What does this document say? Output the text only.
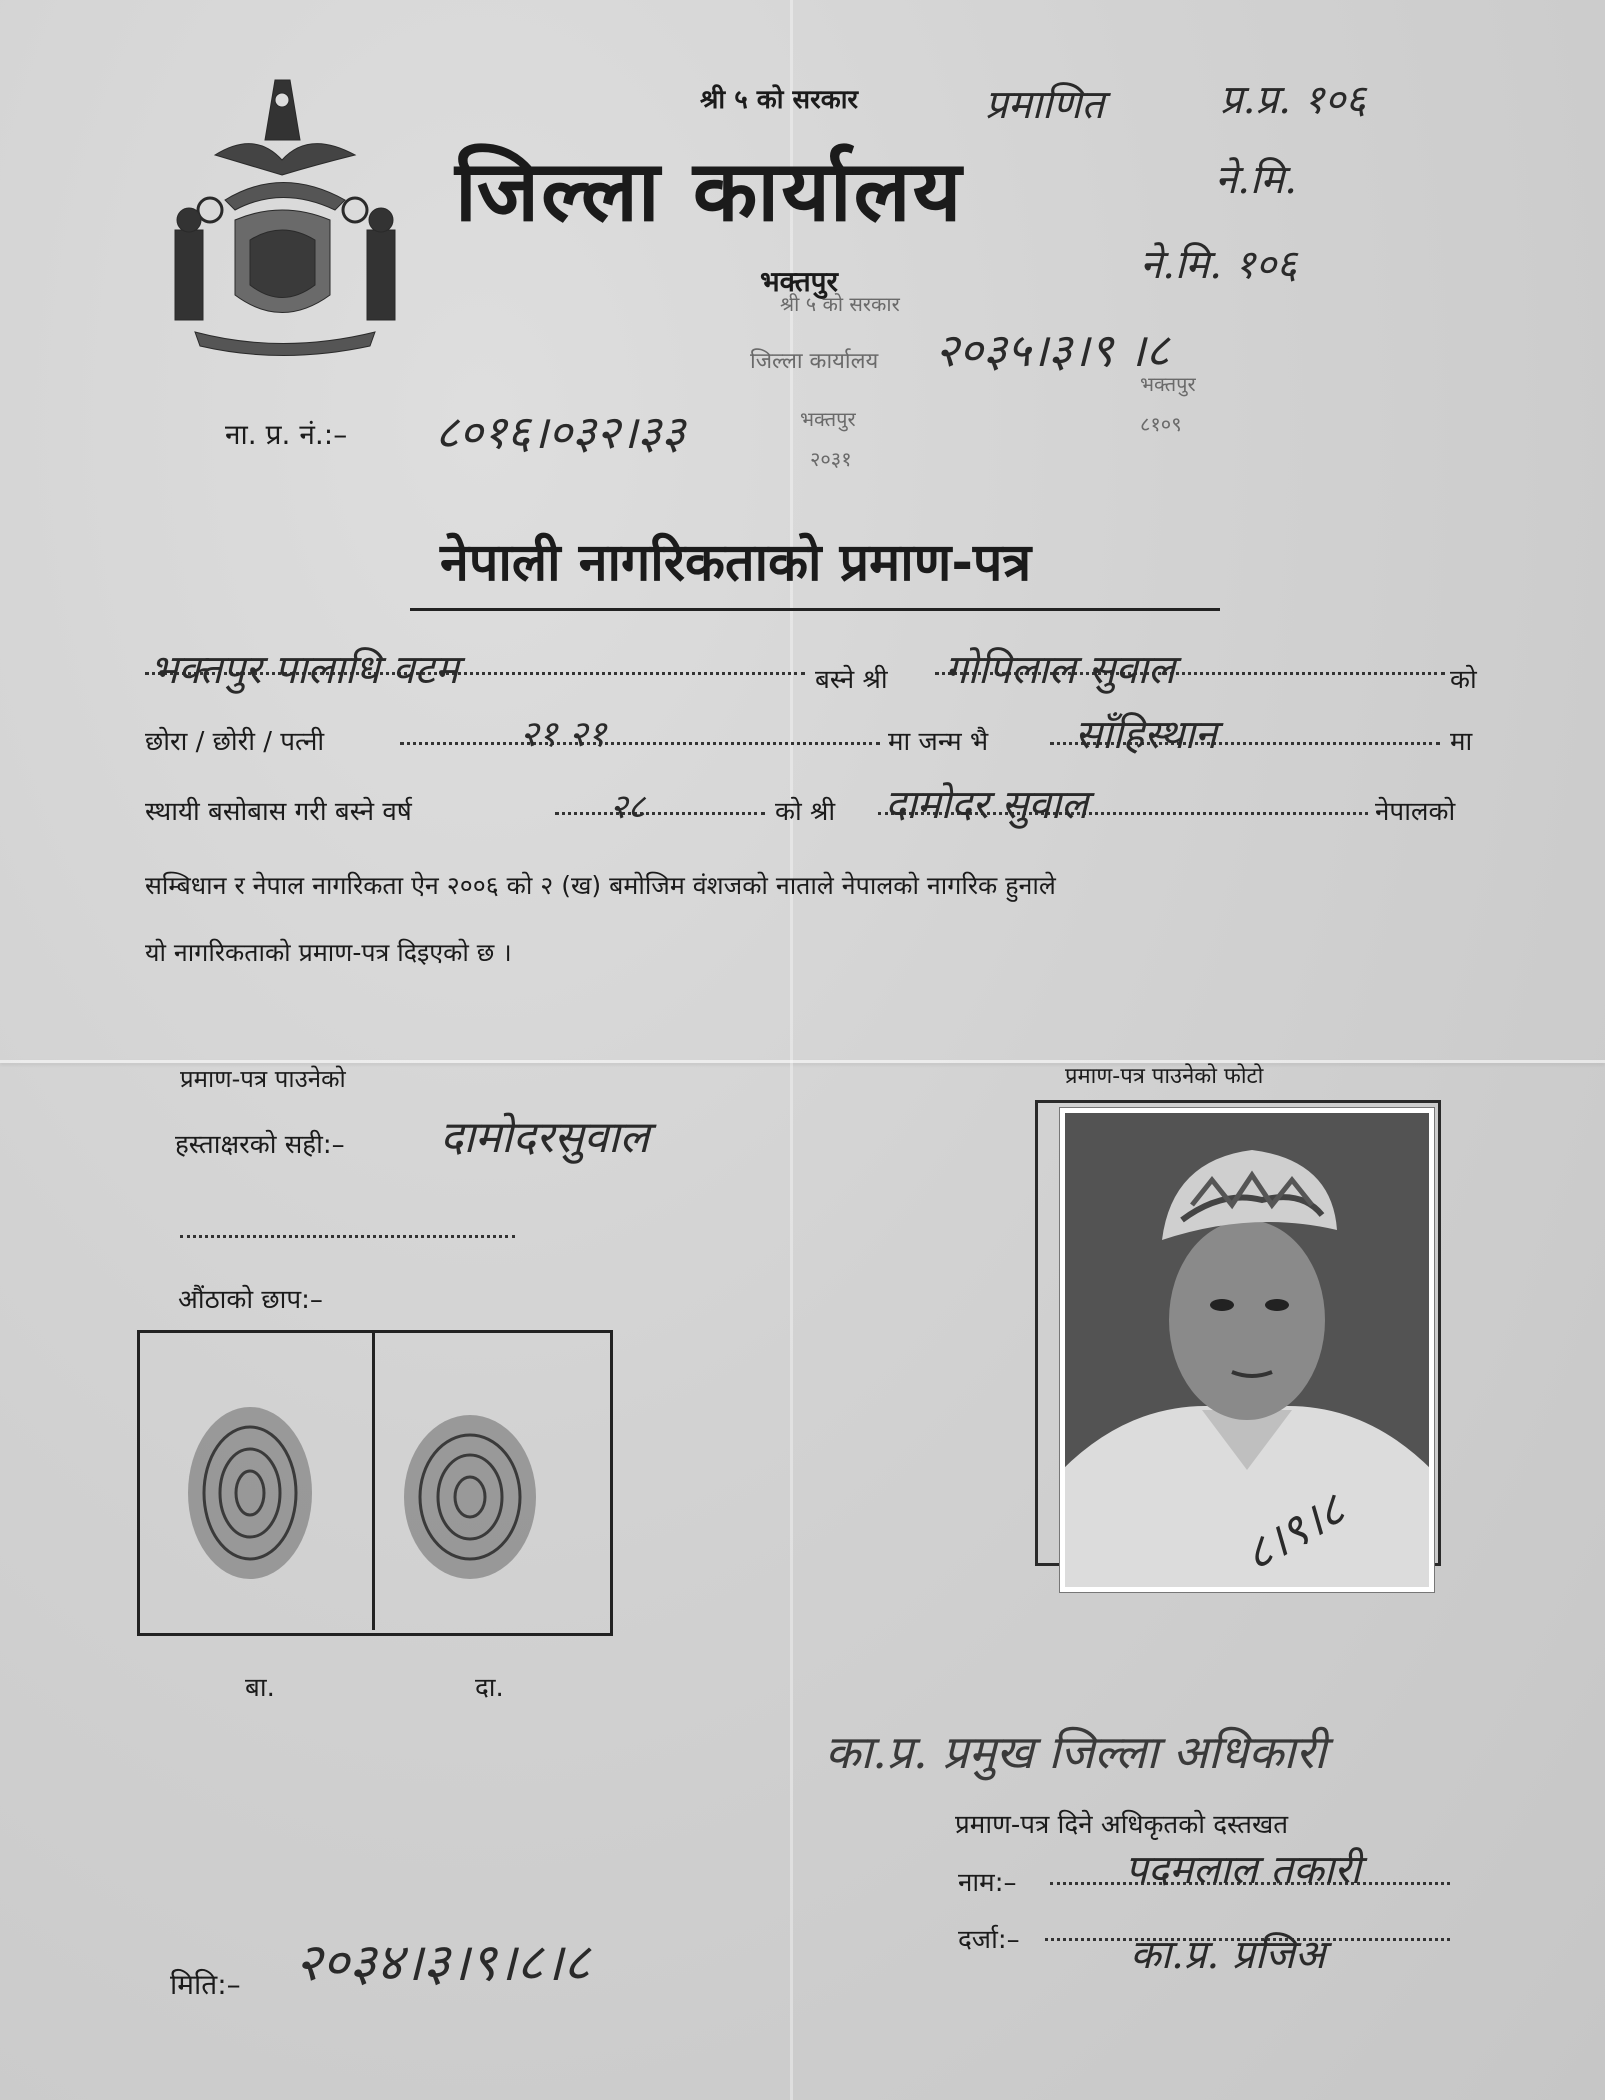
श्री ५ को सरकार
जिल्ला कार्यालय
भक्तपुर
प्रमाणित
ने.मि.
ने.मि. १०६
प्र.प्र. १०६
श्री ५ को सरकार
जिल्ला कार्यालय
भक्तपुर
२०३१
२०३५।३।९ ।८
भक्तपुर
८१०९
ना. प्र. नं.:– ८०१६।०३२।३३
नेपाली नागरिकताको प्रमाण-पत्र
भक्तपुर पालाधि वटम	बस्ने श्री गोपिलाल सुवाल	को
छोरा / छोरी / पत्नी	२१ २१	मा जन्म भै साँहिस्थान	मा
स्थायी बसोबास गरी बस्ने वर्ष	२८	को श्री दामोदर सुवाल	नेपालको
सम्बिधान र नेपाल नागरिकता ऐन २००६ को २ (ख) बमोजिम वंशजको नाताले नेपालको नागरिक हुनाले
यो नागरिकताको प्रमाण-पत्र दिइएको छ ।
प्रमाण-पत्र पाउनेको
हस्ताक्षरको सही:– दामोदरसुवाल
औंठाको छाप:–
बा.	दा.
प्रमाण-पत्र पाउनेको फोटो
८।९।८
का.प्र. प्रमुख जिल्ला अधिकारी
प्रमाण-पत्र दिने अधिकृतको दस्तखत
नाम:–	पदमलाल तकारी
दर्जा:–	का.प्र. प्रजिअ
मिति:– २०३४।३।९।८।८
